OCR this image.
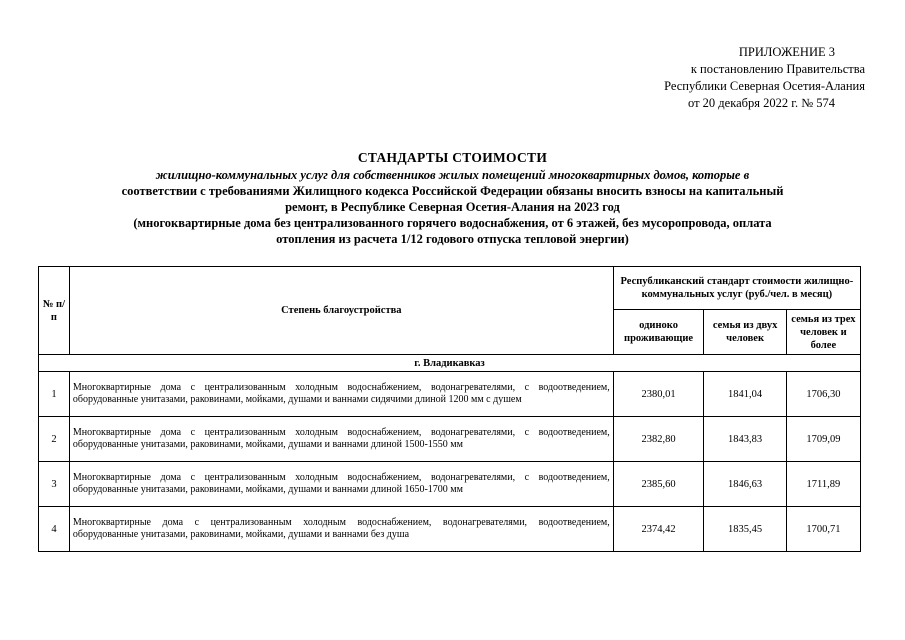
ПРИЛОЖЕНИЕ 3
к постановлению Правительства
Республики Северная Осетия-Алания
от 20 декабря 2022 г. № 574
СТАНДАРТЫ СТОИМОСТИ
жилищно-коммунальных услуг для собственников жилых помещений многоквартирных домов, которые в
соответствии с требованиями Жилищного кодекса Российской Федерации обязаны вносить взносы на капитальный
ремонт, в Республике Северная Осетия-Алания на 2023 год
(многоквартирные дома без централизованного горячего водоснабжения, от 6 этажей, без мусоропровода, оплата
отопления из расчета 1/12 годового отпуска тепловой энергии)
№ п/п	Степень благоустройства	Республиканский стандарт стоимости жилищно-коммунальных услуг (руб./чел. в месяц)		
		одиноко проживающие	семья из двух человек	семья из трех человек и более
г. Владикавказ				
1	Многоквартирные дома с централизованным холодным водоснабжением, водонагревателями, с водоотведением, оборудованные унитазами, раковинами, мойками, душами и ваннами сидячими длиной 1200 мм с душем	2380,01	1841,04	1706,30
2	Многоквартирные дома с централизованным холодным водоснабжением, водонагревателями, с водоотведением, оборудованные унитазами, раковинами, мойками, душами и ваннами длиной 1500-1550 мм	2382,80	1843,83	1709,09
3	Многоквартирные дома с централизованным холодным водоснабжением, водонагревателями, с водоотведением, оборудованные унитазами, раковинами, мойками, душами и ваннами длиной 1650-1700 мм	2385,60	1846,63	1711,89
4	Многоквартирные дома с централизованным холодным водоснабжением, водонагревателями, водоотведением, оборудованные унитазами, раковинами, мойками, душами и ваннами без душа	2374,42	1835,45	1700,71
